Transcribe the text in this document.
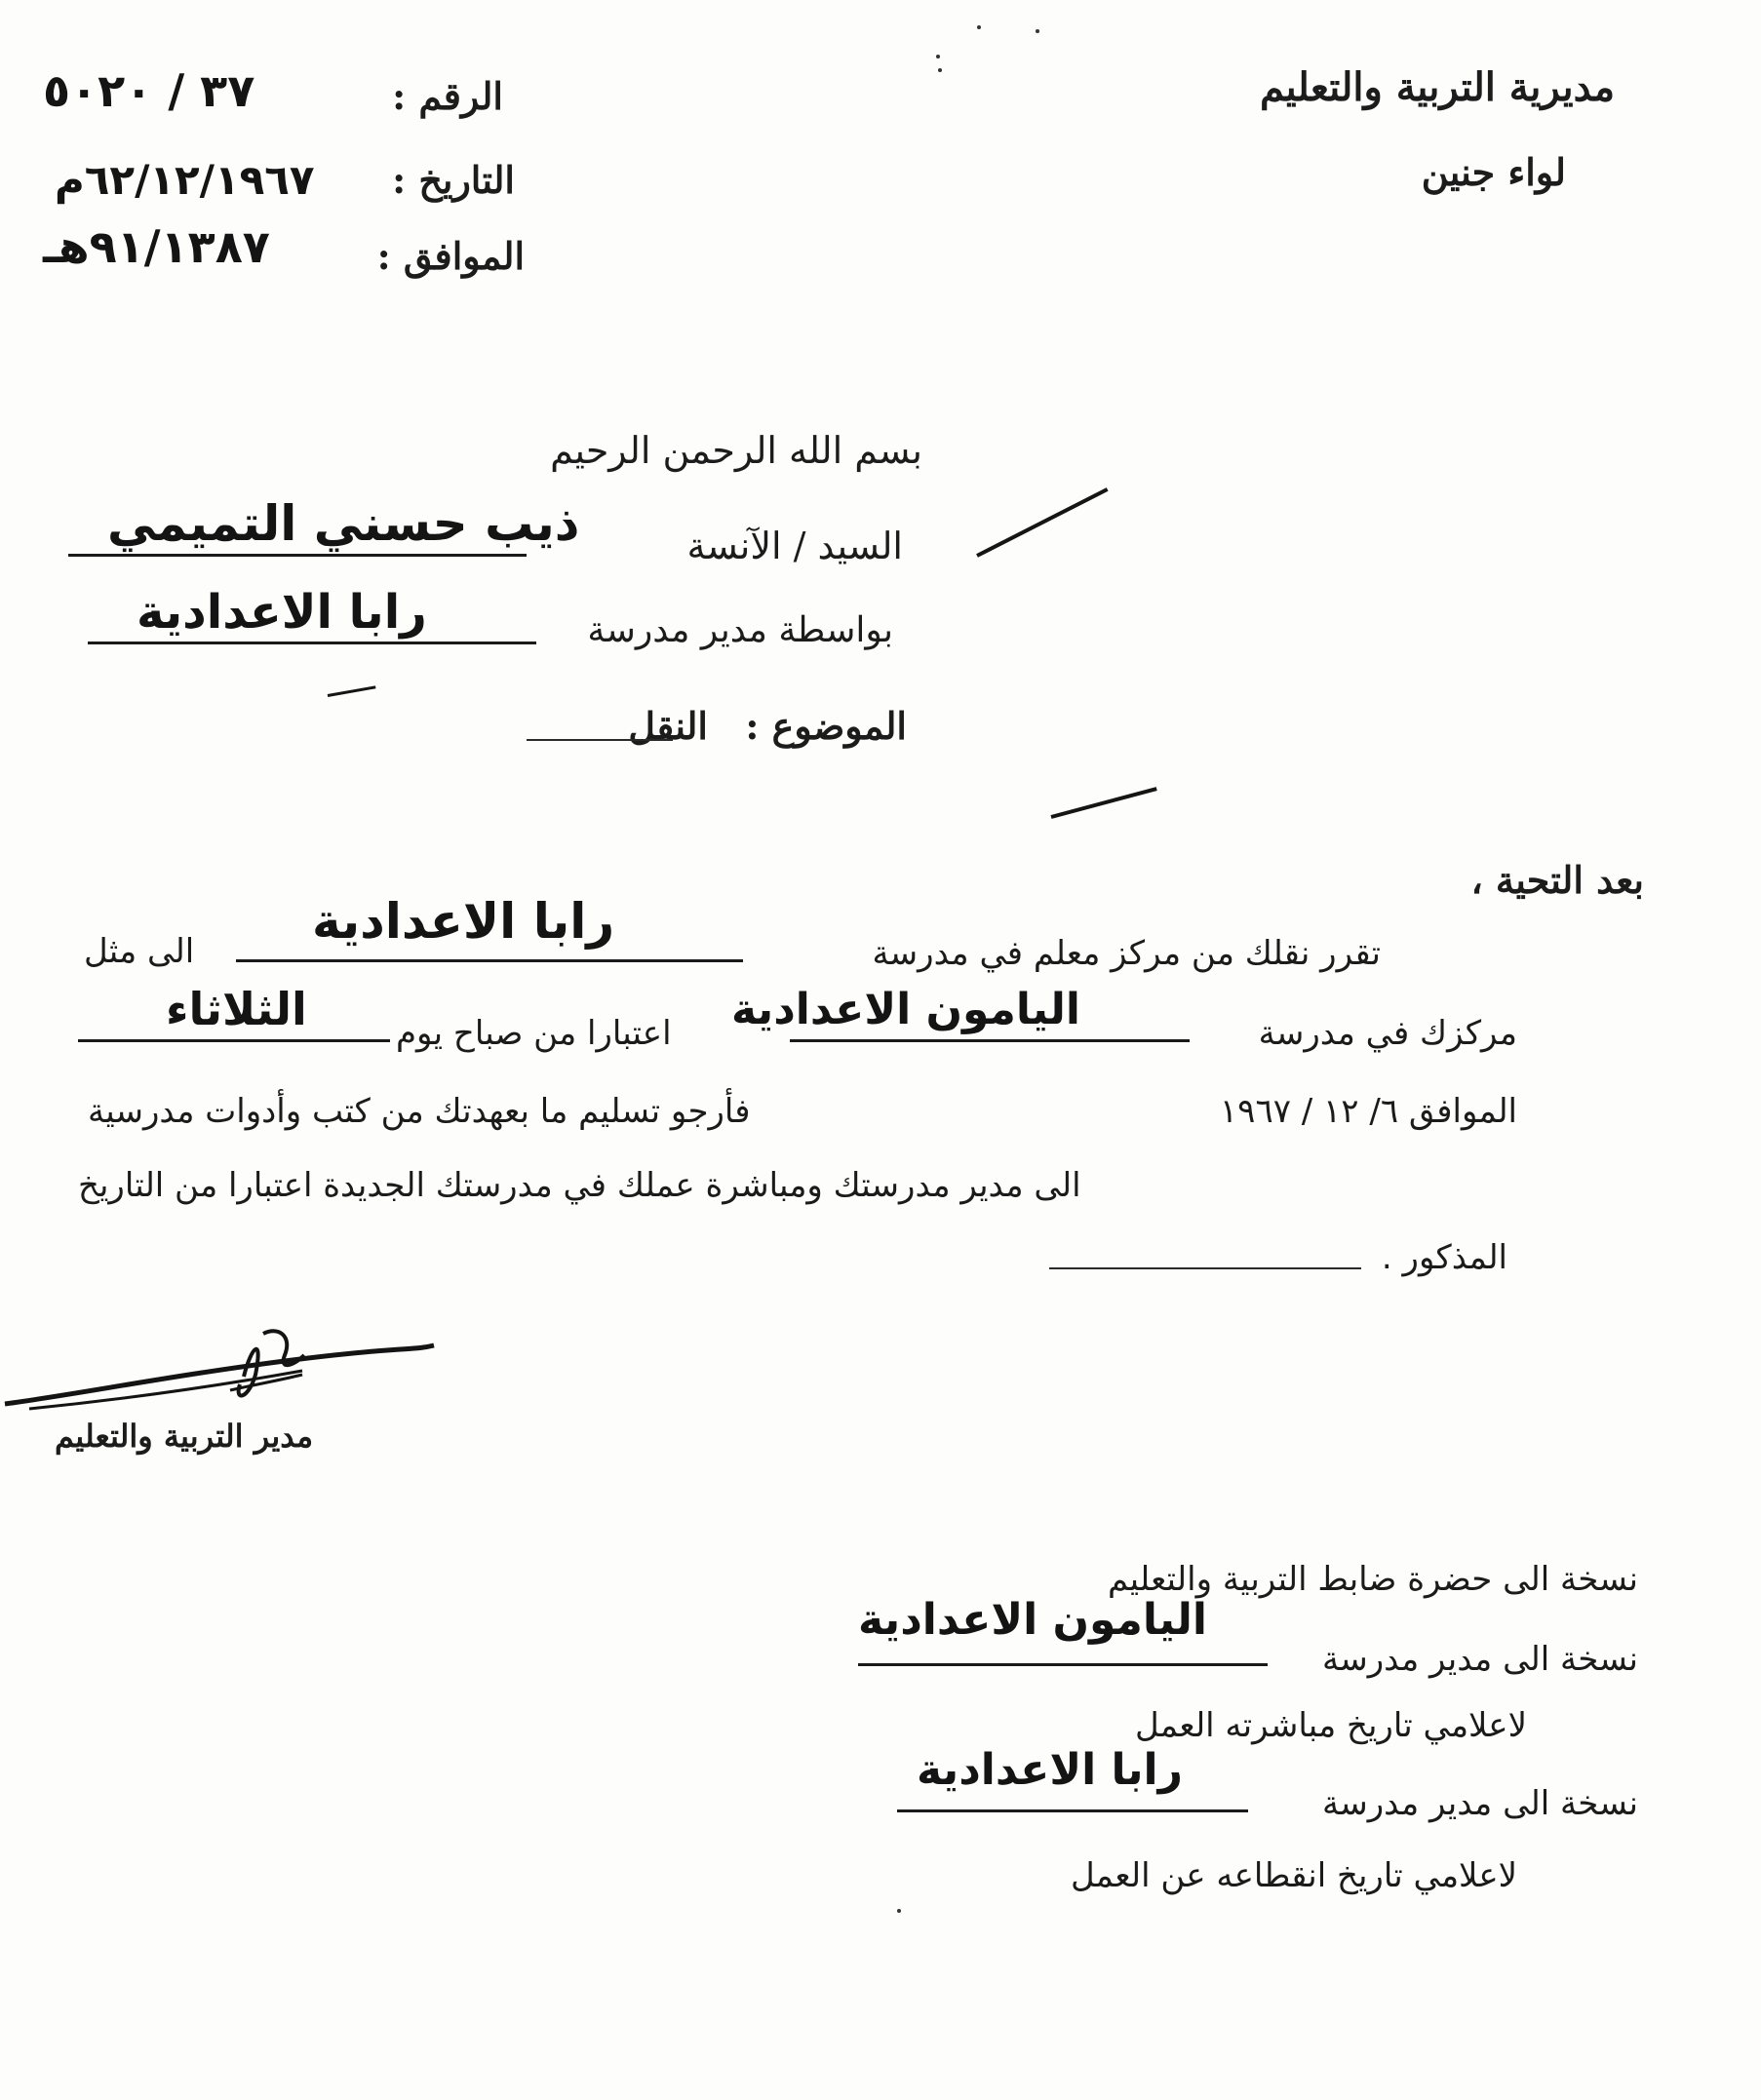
مديرية التربية والتعليم
لواء جنين
الرقم :
٣٧ / ٥٠٢٠
التاريخ :
٦٢/١٢/١٩٦٧م
الموافق :
٩١/١٣٨٧هـ
بسم الله الرحمن الرحيم
السيد / الآنسة
ذيب حسني التميمي
بواسطة مدير مدرسة
رابا الاعدادية
الموضوع :
النقل
بعد التحية ،
تقرر نقلك من مركز معلم في مدرسة
رابا الاعدادية
الى مثل
مركزك في مدرسة
اليامون الاعدادية
اعتبارا من صباح يوم
الثلاثاء
الموافق ٦/ ١٢ / ١٩٦٧
فأرجو تسليم ما بعهدتك من كتب وأدوات مدرسية
الى مدير مدرستك ومباشرة عملك في مدرستك الجديدة اعتبارا من التاريخ
المذكور .
مدير التربية والتعليم
نسخة الى حضرة ضابط التربية والتعليم
نسخة الى مدير مدرسة
اليامون الاعدادية
لاعلامي تاريخ مباشرته العمل
نسخة الى مدير مدرسة
رابا الاعدادية
لاعلامي تاريخ انقطاعه عن العمل
